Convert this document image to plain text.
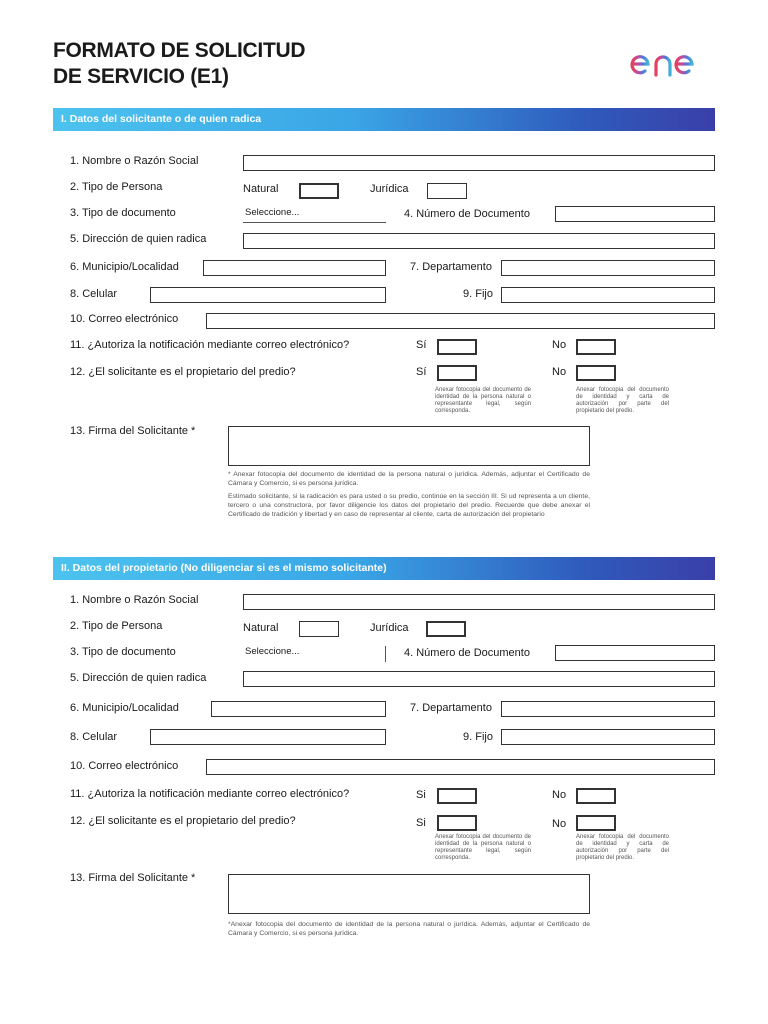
FORMATO DE SOLICITUD
DE SERVICIO (E1)
I. Datos del solicitante o de quien radica
1. Nombre o Razón Social
2. Tipo de Persona	Natural	Jurídica
3. Tipo de documento	Seleccione...	4. Número de Documento
5. Dirección de quien radica
6. Municipio/Localidad	7. Departamento
8. Celular	9. Fijo
10. Correo electrónico
11. ¿Autoriza la notificación mediante correo electrónico?	Sí	No
12. ¿El solicitante es el propietario del predio?	Sí	No
Anexar fotocopia del documento de identidad de la persona natural o representante legal, según corresponda.
Anexar fotocopia del documento de identidad y carta de autorización por parte del propietario del predio.
13. Firma del Solicitante *
* Anexar fotocopia del documento de identidad de la persona natural o jurídica. Además, adjuntar el Certificado de Cámara y Comercio, si es persona jurídica.
Estimado solicitante, si la radicación es para usted o su predio, continúe en la sección III. Si ud representa a un cliente, tercero o una constructora, por favor diligencie los datos del propietario del predio. Recuerde que debe anexar el Certificado de tradición y libertad y en caso de representar al cliente, carta de autorización del propietario
II. Datos del propietario (No diligenciar si es el mismo solicitante)
1. Nombre o Razón Social
2. Tipo de Persona	Natural	Jurídica
3. Tipo de documento	Seleccione...	4. Número de Documento
5. Dirección de quien radica
6. Municipio/Localidad	7. Departamento
8. Celular	9. Fijo
10. Correo electrónico
11. ¿Autoriza la notificación mediante correo electrónico?	Si	No
12. ¿El solicitante es el propietario del predio?	Si	No
Anexar fotocopia del documento de identidad de la persona natural o representante legal, según corresponda.
Anexar fotocopia del documento de identidad y carta de autorización por parte del propietario del predio.
13. Firma del Solicitante *
*Anexar fotocopia del documento de identidad de la persona natural o jurídica. Además, adjuntar el Certificado de Cámara y Comercio, si es persona jurídica.
